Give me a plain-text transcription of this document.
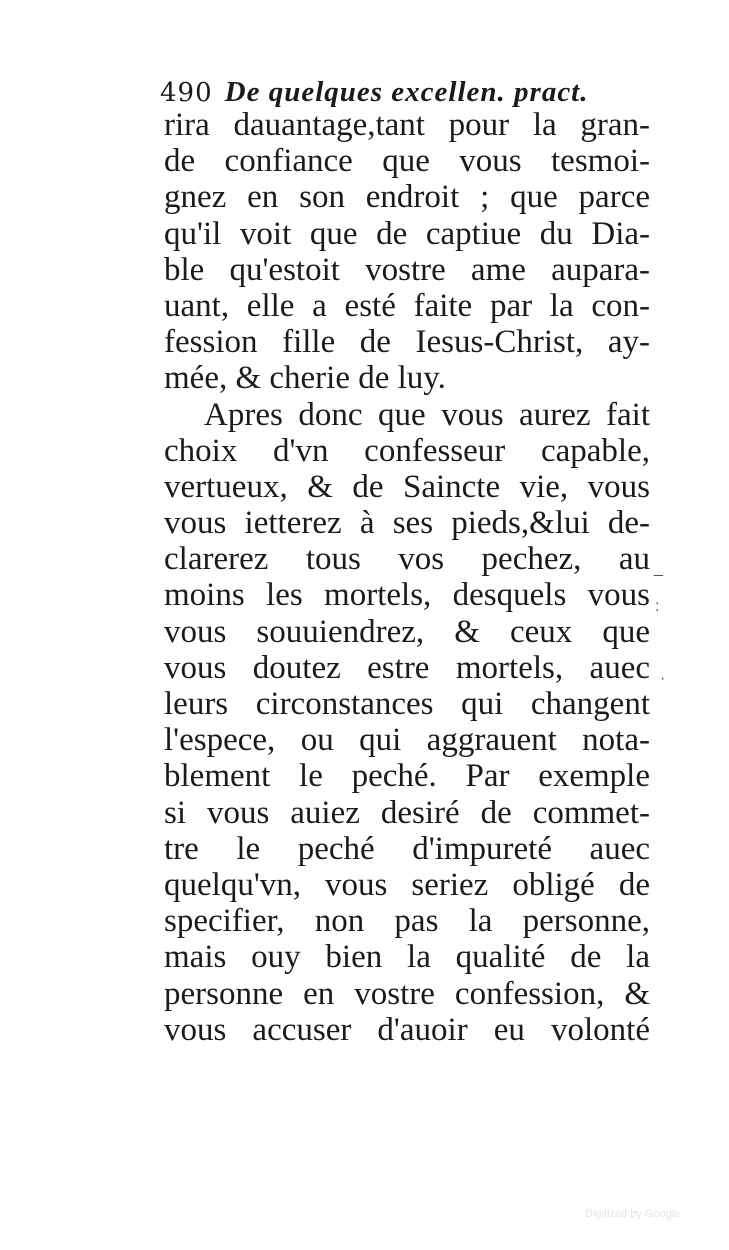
490 De quelques excellen. pract.
rira dauantage,tant pour la gran-
de confiance que vous tesmoi-
gnez en son endroit ; que parce
qu'il voit que de captiue du Dia-
ble qu'estoit vostre ame aupara-
uant, elle a esté faite par la con-
fession fille de Iesus-Christ, ay-
mée, & cherie de luy.
Apres donc que vous aurez fait
choix d'vn confesseur capable,
vertueux, & de Saincte vie, vous
vous ietterez à ses pieds,&lui de-
clarerez tous vos pechez, au
moins les mortels, desquels vous
vous souuiendrez, & ceux que
vous doutez estre mortels, auec
leurs circonstances qui changent
l'espece, ou qui aggrauent nota-
blement le peché. Par exemple
si vous auiez desiré de commet-
tre le peché d'impureté auec
quelqu'vn, vous seriez obligé de
specifier, non pas la personne,
mais ouy bien la qualité de la
personne en vostre confession, &
vous accuser d'auoir eu volonté
_
:
·
Digitized by Google
